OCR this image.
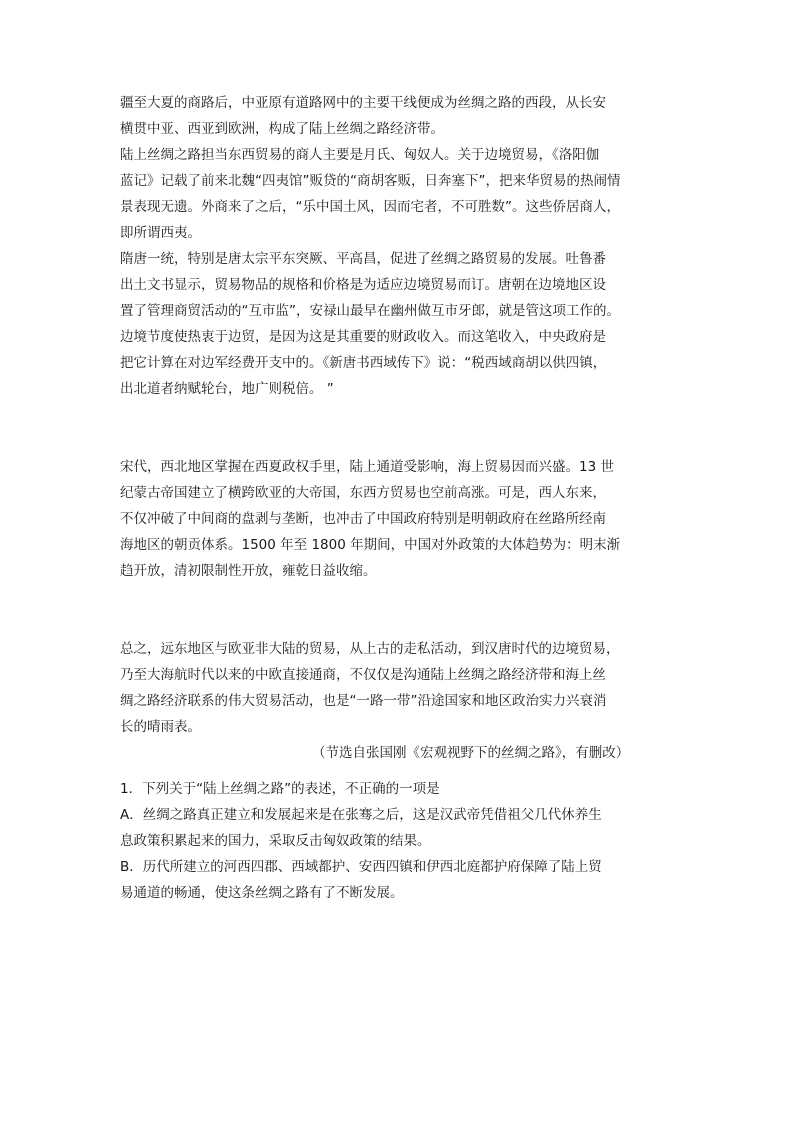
疆至大夏的商路后，中亚原有道路网中的主要干线便成为丝绸之路的西段，从长安
横贯中亚、西亚到欧洲，构成了陆上丝绸之路经济带。
陆上丝绸之路担当东西贸易的商人主要是月氏、匈奴人。关于边境贸易，《洛阳伽
蓝记》记载了前来北魏“四夷馆”贩贷的“商胡客贩，日奔塞下”，把来华贸易的热闹情
景表现无遗。外商来了之后，“乐中国土风，因而宅者，不可胜数”。这些侨居商人，
即所谓西夷。
隋唐一统，特别是唐太宗平东突厥、平高昌，促进了丝绸之路贸易的发展。吐鲁番
出土文书显示，贸易物品的规格和价格是为适应边境贸易而订。唐朝在边境地区设
置了管理商贸活动的“互市监”，安禄山最早在幽州做互市牙郎，就是管这项工作的。
边境节度使热衷于边贸，是因为这是其重要的财政收入。而这笔收入，中央政府是
把它计算在对边军经费开支中的。《新唐书西域传下》说：“税西域商胡以供四镇，
出北道者纳赋轮台，地广则税倍。 ”
宋代，西北地区掌握在西夏政权手里，陆上通道受影响，海上贸易因而兴盛。13 世
纪蒙古帝国建立了横跨欧亚的大帝国，东西方贸易也空前高涨。可是，西人东来，
不仅冲破了中间商的盘剥与垄断，也冲击了中国政府特别是明朝政府在丝路所经南
海地区的朝贡体系。1500 年至 1800 年期间，中国对外政策的大体趋势为：明末渐
趋开放，清初限制性开放，雍乾日益收缩。
总之，远东地区与欧亚非大陆的贸易，从上古的走私活动，到汉唐时代的边境贸易，
乃至大海航时代以来的中欧直接通商，不仅仅是沟通陆上丝绸之路经济带和海上丝
绸之路经济联系的伟大贸易活动，也是“一路一带”沿途国家和地区政治实力兴衰消
长的晴雨表。
（节选自张国刚《宏观视野下的丝绸之路》，有删改）
1．下列关于“陆上丝绸之路”的表述，不正确的一项是
A．丝绸之路真正建立和发展起来是在张骞之后，这是汉武帝凭借祖父几代休养生
息政策积累起来的国力，采取反击匈奴政策的结果。
B．历代所建立的河西四郡、西域都护、安西四镇和伊西北庭都护府保障了陆上贸
易通道的畅通，使这条丝绸之路有了不断发展。
